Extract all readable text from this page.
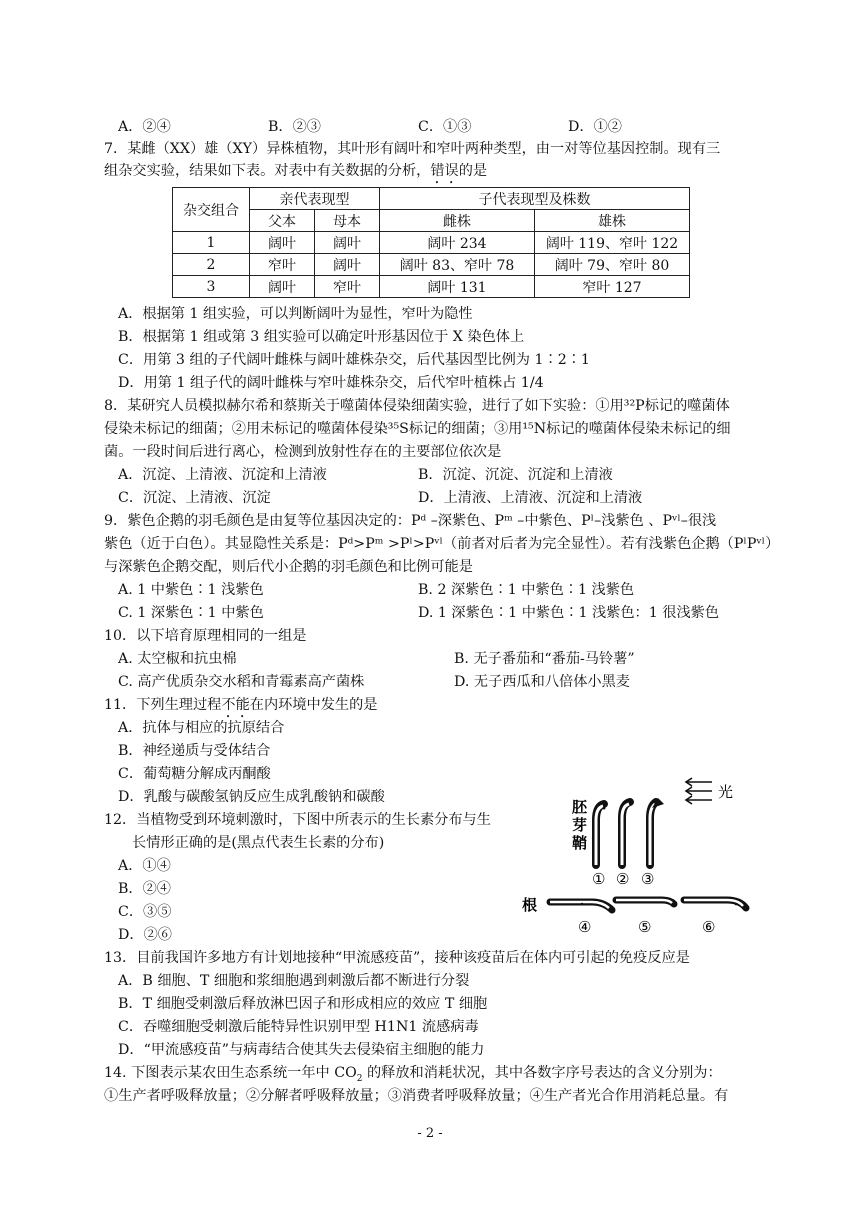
A．②④	B．②③	C．①③	D．①②
7．某雌（XX）雄（XY）异株植物，其叶形有阔叶和窄叶两种类型，由一对等位基因控制。现有三
组杂交实验，结果如下表。对表中有关数据的分析，错误的是
杂交组合	亲代表现型		子代表现型及株数	
	父本	母本	雌株	雄株
1	阔叶	阔叶	阔叶 234	阔叶 119、窄叶 122
2	窄叶	阔叶	阔叶 83、窄叶 78	阔叶 79、窄叶 80
3	阔叶	窄叶	阔叶 131	窄叶 127
A．根据第 1 组实验，可以判断阔叶为显性，窄叶为隐性
B．根据第 1 组或第 3 组实验可以确定叶形基因位于 X 染色体上
C．用第 3 组的子代阔叶雌株与阔叶雄株杂交，后代基因型比例为 1∶2∶1
D．用第 1 组子代的阔叶雌株与窄叶雄株杂交，后代窄叶植株占 1/4
8．某研究人员模拟赫尔希和蔡斯关于噬菌体侵染细菌实验，进行了如下实验：①用³²P标记的噬菌体
侵染未标记的细菌；②用未标记的噬菌体侵染³⁵S标记的细菌；③用¹⁵N标记的噬菌体侵染未标记的细
菌。一段时间后进行离心，检测到放射性存在的主要部位依次是
A．沉淀、上清液、沉淀和上清液	B．沉淀、沉淀、沉淀和上清液
C．沉淀、上清液、沉淀	D．上清液、上清液、沉淀和上清液
9．紫色企鹅的羽毛颜色是由复等位基因决定的：Pᵈ –深紫色、Pᵐ –中紫色、Pˡ–浅紫色 、Pᵛˡ–很浅
紫色（近于白色）。其显隐性关系是：Pᵈ>Pᵐ >Pˡ>Pᵛˡ（前者对后者为完全显性）。若有浅紫色企鹅（PˡPᵛˡ）
与深紫色企鹅交配，则后代小企鹅的羽毛颜色和比例可能是
A. 1 中紫色∶1 浅紫色	B. 2 深紫色∶1 中紫色∶1 浅紫色
C. 1 深紫色∶1 中紫色	D. 1 深紫色∶1 中紫色∶1 浅紫色：1 很浅紫色
10．以下培育原理相同的一组是
A. 太空椒和抗虫棉	B. 无子番茄和“番茄-马铃薯”
C. 高产优质杂交水稻和青霉素高产菌株	D. 无子西瓜和八倍体小黑麦
11．下列生理过程不能在内环境中发生的是
A．抗体与相应的抗原结合
B．神经递质与受体结合
C．葡萄糖分解成丙酮酸
D．乳酸与碳酸氢钠反应生成乳酸钠和碳酸
12．当植物受到环境刺激时，下图中所表示的生长素分布与生
长情形正确的是(黑点代表生长素的分布)
A．①④
B．②④
C．③⑤
D．②⑥
光
胚
芽
鞘
① ② ③
根
④	⑤	⑥
13．目前我国许多地方有计划地接种“甲流感疫苗”，接种该疫苗后在体内可引起的免疫反应是
A．B 细胞、T 细胞和浆细胞遇到刺激后都不断进行分裂
B．T 细胞受刺激后释放淋巴因子和形成相应的效应 T 细胞
C．吞噬细胞受刺激后能特异性识别甲型 H1N1 流感病毒
D．“甲流感疫苗”与病毒结合使其失去侵染宿主细胞的能力
14. 下图表示某农田生态系统一年中 $CO_2$ 的释放和消耗状况，其中各数字序号表达的含义分别为：
①生产者呼吸释放量；②分解者呼吸释放量；③消费者呼吸释放量；④生产者光合作用消耗总量。有
- 2 -
